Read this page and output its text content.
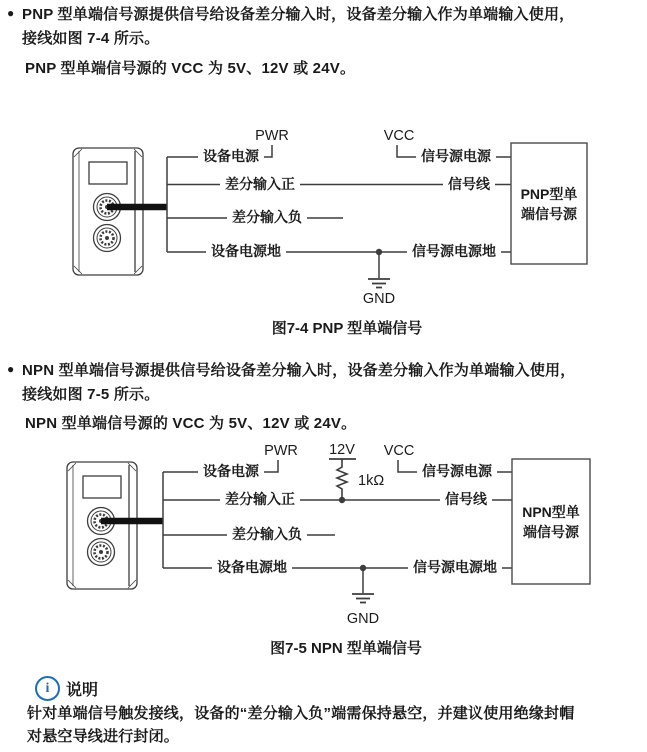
● PNP 型单端信号源提供信号给设备差分输入时，设备差分输入作为单端输入使用，
接线如图 7-4 所示。
PNP 型单端信号源的 VCC 为 5V、12V 或 24V。
PWR	VCC
设备电源	信号源电源
差分输入正	信号线
差分输入负
设备电源地	信号源电源地
GND
PNP型单
端信号源
图7-4 PNP 型单端信号
● NPN 型单端信号源提供信号给设备差分输入时，设备差分输入作为单端输入使用，
接线如图 7-5 所示。
NPN 型单端信号源的 VCC 为 5V、12V 或 24V。
PWR 12V VCC
1kΩ
设备电源	信号源电源
差分输入正	信号线
差分输入负
设备电源地	信号源电源地
GND
NPN型单
端信号源
图7-5 NPN 型单端信号
i 说明
针对单端信号触发接线，设备的“差分输入负”端需保持悬空，并建议使用绝缘封帽
对悬空导线进行封闭。
